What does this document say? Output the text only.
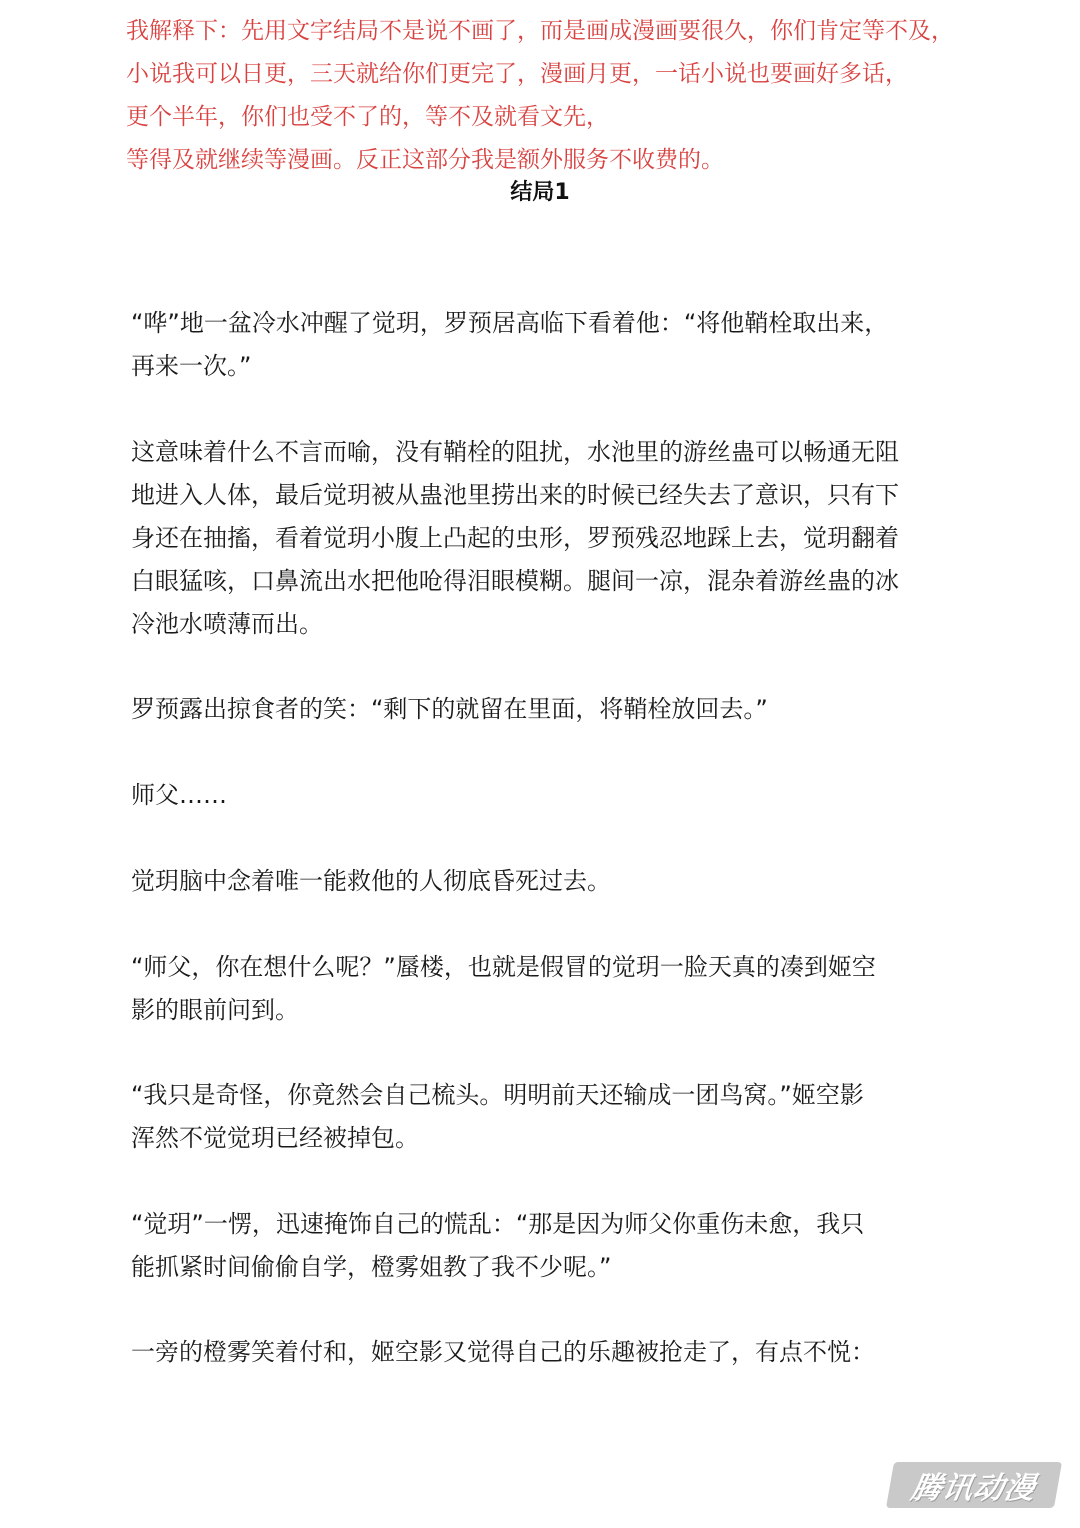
我解释下：先用文字结局不是说不画了，而是画成漫画要很久，你们肯定等不及，
小说我可以日更，三天就给你们更完了，漫画月更，一话小说也要画好多话，
更个半年，你们也受不了的，等不及就看文先，
等得及就继续等漫画。反正这部分我是额外服务不收费的。
结局1
“哗”地一盆冷水冲醒了觉玥，罗预居高临下看着他：“将他鞘栓取出来，
再来一次。”
这意味着什么不言而喻，没有鞘栓的阻扰，水池里的游丝蛊可以畅通无阻
地进入人体，最后觉玥被从蛊池里捞出来的时候已经失去了意识，只有下
身还在抽搐，看着觉玥小腹上凸起的虫形，罗预残忍地踩上去，觉玥翻着
白眼猛咳，口鼻流出水把他呛得泪眼模糊。腿间一凉，混杂着游丝蛊的冰
冷池水喷薄而出。
罗预露出掠食者的笑：“剩下的就留在里面，将鞘栓放回去。”
师父……
觉玥脑中念着唯一能救他的人彻底昏死过去。
“师父，你在想什么呢？”蜃楼，也就是假冒的觉玥一脸天真的凑到姬空
影的眼前问到。
“我只是奇怪，你竟然会自己梳头。明明前天还输成一团鸟窝。”姬空影
浑然不觉觉玥已经被掉包。
“觉玥”一愣，迅速掩饰自己的慌乱：“那是因为师父你重伤未愈，我只
能抓紧时间偷偷自学，橙雾姐教了我不少呢。”
一旁的橙雾笑着付和，姬空影又觉得自己的乐趣被抢走了，有点不悦：
腾讯动漫
